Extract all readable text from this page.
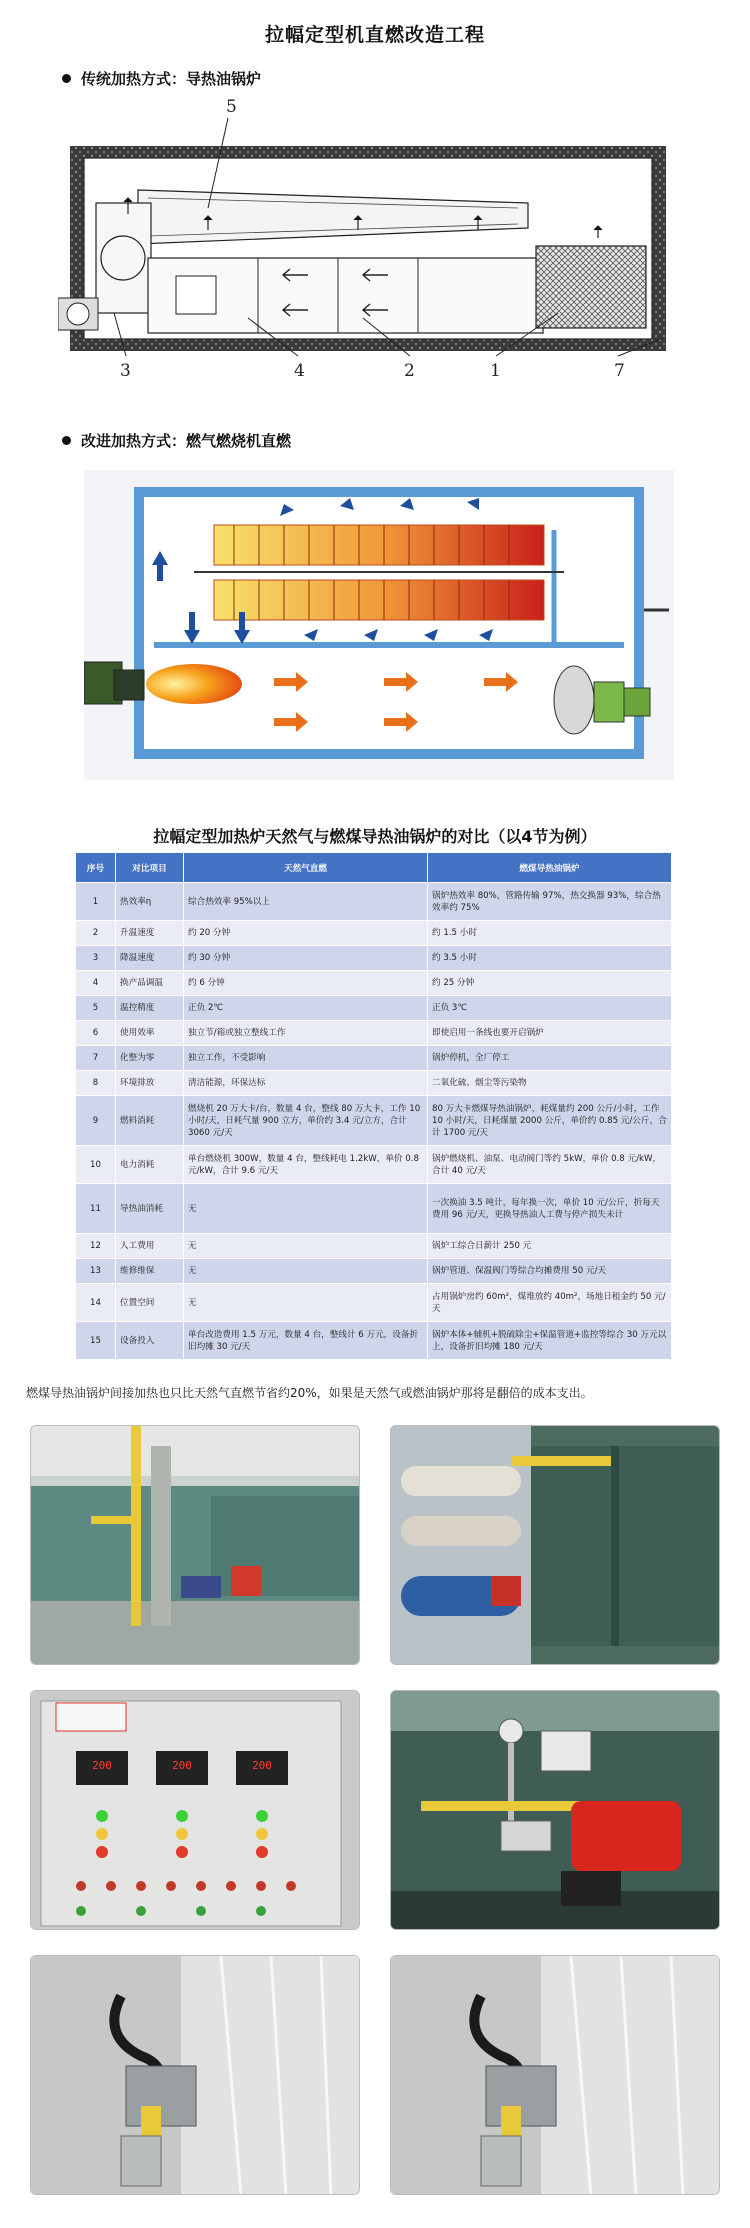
拉幅定型机直燃改造工程
传统加热方式：导热油锅炉
5
3	4	2	1	7
改进加热方式：燃气燃烧机直燃
拉幅定型加热炉天然气与燃煤导热油锅炉的对比（以4节为例）
序号	对比项目	天然气直燃	燃煤导热油锅炉
1	热效率η	综合热效率 95%以上	锅炉热效率 80%，管路传输 97%，热交换器 93%，综合热效率约 75%
2	升温速度	约 20 分钟	约 1.5 小时
3	降温速度	约 30 分钟	约 3.5 小时
4	换产品调温	约 6 分钟	约 25 分钟
5	温控精度	正负 2℃	正负 3℃
6	使用效率	独立节/箱或独立整线工作	即使启用一条线也要开启锅炉
7	化整为零	独立工作，不受影响	锅炉停机，全厂停工
8	环境排放	清洁能源，环保达标	二氧化硫、烟尘等污染物
9	燃料消耗	燃烧机 20 万大卡/台，数量 4 台，整线 80 万大卡，工作 10 小时/天，日耗气量 900 立方，单价约 3.4 元/立方，合计 3060 元/天	80 万大卡燃煤导热油锅炉，耗煤量约 200 公斤/小时，工作 10 小时/天，日耗煤量 2000 公斤，单价约 0.85 元/公斤，合计 1700 元/天
10	电力消耗	单台燃烧机 300W，数量 4 台，整线耗电 1.2kW，单价 0.8 元/kW，合计 9.6 元/天	锅炉燃烧机、油泵、电动阀门等约 5kW，单价 0.8 元/kW，合计 40 元/天
11	导热油消耗	无	一次换油 3.5 吨计，每年换一次，单价 10 元/公斤，折每天费用 96 元/天，更换导热油人工费与停产损失未计
12	人工费用	无	锅炉工综合日薪计 250 元
13	维修维保	无	锅炉管道、保温阀门等综合均摊费用 50 元/天
14	位置空间	无	占用锅炉房约 60m²，煤堆放约 40m²，场地日租金约 50 元/天
15	设备投入	单台改造费用 1.5 万元，数量 4 台，整线计 6 万元，设备折旧均摊 30 元/天	锅炉本体+辅机+脱硫除尘+保温管道+监控等综合 30 万元以上，设备折旧均摊 180 元/天
燃煤导热油锅炉间接加热也只比天然气直燃节省约20%，如果是天然气或燃油锅炉那将是翻倍的成本支出。
200	200	200
